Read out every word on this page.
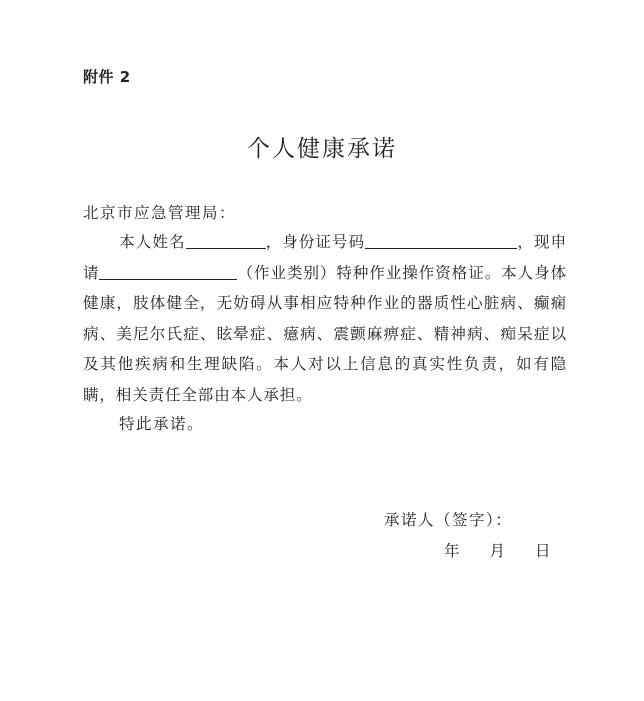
附件 2
个人健康承诺
北京市应急管理局：
本人姓名	，身份证号码	，现申请	（作业类别）特种作业操作资格证。本人身体健康，肢体健全，无妨碍从事相应特种作业的器质性心脏病、癫痫病、美尼尔氏症、眩晕症、癔病、震颤麻痹症、精神病、痴呆症以及其他疾病和生理缺陷。本人对以上信息的真实性负责，如有隐瞒，相关责任全部由本人承担。
特此承诺。
承诺人（签字）：
年 月 日
